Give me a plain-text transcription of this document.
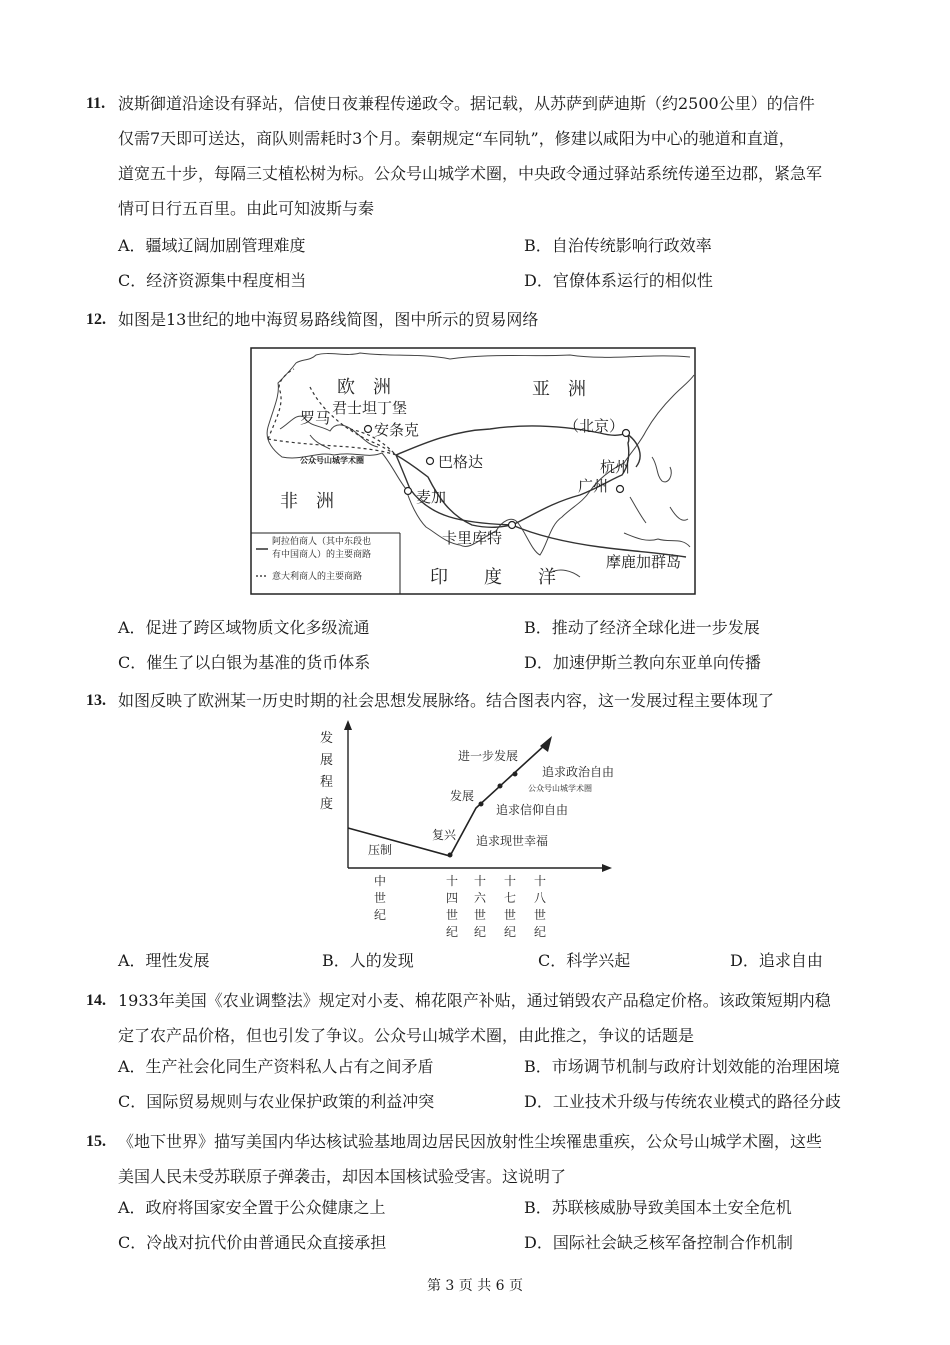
11. 波斯御道沿途设有驿站，信使日夜兼程传递政令。据记载，从苏萨到萨迪斯（约2500公里）的信件
仅需7天即可送达，商队则需耗时3个月。秦朝规定“车同轨”，修建以咸阳为中心的驰道和直道，
道宽五十步，每隔三丈植松树为标。公众号山城学术圈，中央政令通过驿站系统传递至边郡，紧急军
情可日行五百里。由此可知波斯与秦
A．疆域辽阔加剧管理难度	B．自治传统影响行政效率
C．经济资源集中程度相当	D．官僚体系运行的相似性
12. 如图是13世纪的地中海贸易路线简图，图中所示的贸易网络
欧　洲	亚　洲
非　洲
印　　度　　洋
罗马
君士坦丁堡
安条克
巴格达
麦加
卡里库特
（北京）
杭州
广州
摩鹿加群岛
公众号山城学术圈
阿拉伯商人（其中东段也
有中国商人）的主要商路
意大利商人的主要商路
A．促进了跨区域物质文化多级流通	B．推动了经济全球化进一步发展
C．催生了以白银为基准的货币体系	D．加速伊斯兰教向东亚单向传播
13. 如图反映了欧洲某一历史时期的社会思想发展脉络。结合图表内容，这一发展过程主要体现了
发
展
程
度
压制
复兴
发展
进一步发展
追求现世幸福
追求信仰自由
追求政治自由
公众号山城学术圈
中
世
纪
十
四
世
纪
十
六
世
纪
十
七
世
纪
十
八
世
纪
A．理性发展	B．人的发现	C．科学兴起	D．追求自由
14. 1933年美国《农业调整法》规定对小麦、棉花限产补贴，通过销毁农产品稳定价格。该政策短期内稳
定了农产品价格，但也引发了争议。公众号山城学术圈，由此推之，争议的话题是
A．生产社会化同生产资料私人占有之间矛盾	B．市场调节机制与政府计划效能的治理困境
C．国际贸易规则与农业保护政策的利益冲突	D．工业技术升级与传统农业模式的路径分歧
15. 《地下世界》描写美国内华达核试验基地周边居民因放射性尘埃罹患重疾，公众号山城学术圈，这些
美国人民未受苏联原子弹袭击，却因本国核试验受害。这说明了
A．政府将国家安全置于公众健康之上	B．苏联核威胁导致美国本土安全危机
C．冷战对抗代价由普通民众直接承担	D．国际社会缺乏核军备控制合作机制
第 3 页 共 6 页
